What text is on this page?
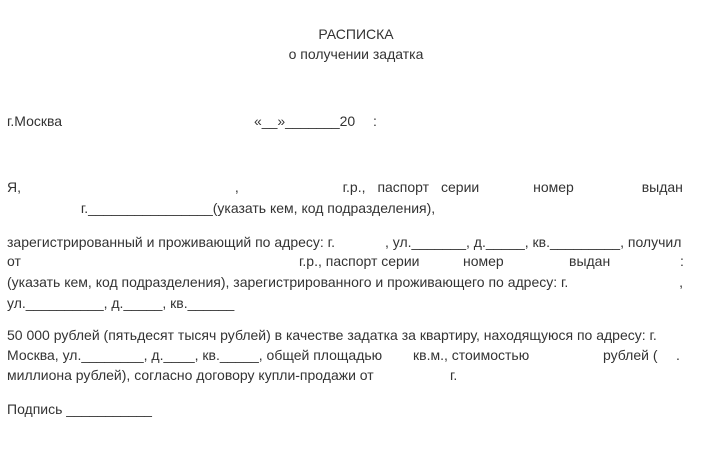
РАСПИСКА
о получении задатка
г.Москва	«__»_______20 :
Я,	,	г.р., паспорт серии	номер	выдан
г.________________(указать кем, код подразделения),
зарегистрированный и проживающий по адресу: г.	, ул._______, д._____, кв._________, получил
от	г.р., паспорт серии	номер	выдан	:
(указать кем, код подразделения), зарегистрированного и проживающего по адресу: г.	,
ул.__________, д._____, кв.______
50 000 рублей (пятьдесят тысяч рублей) в качестве задатка за квартиру, находящуюся по адресу: г.
Москва, ул.________, д.____, кв._____, общей площадью кв.м., стоимостью	рублей ( .
миллиона рублей), согласно договору купли-продажи от	г.
Подпись ___________
